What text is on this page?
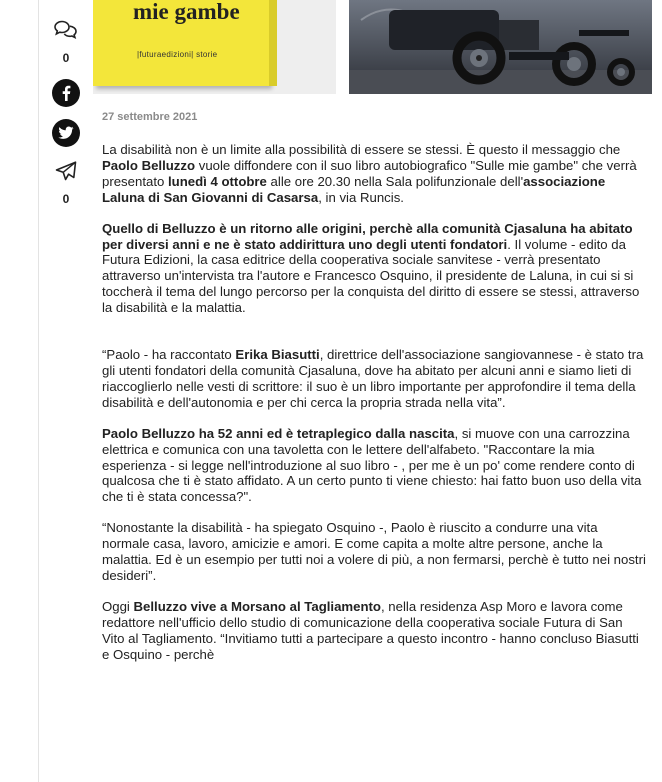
0
0
mie gambe
|futuraedizioni| storie
27 settembre 2021

La disabilità non è un limite alla possibilità di essere se stessi. È questo il messaggio che Paolo Belluzzo vuole diffondere con il suo libro autobiografico "Sulle mie gambe" che verrà presentato lunedì 4 ottobre alle ore 20.30 nella Sala polifunzionale dell'associazione Laluna di San Giovanni di Casarsa, in via Runcis.

Quello di Belluzzo è un ritorno alle origini, perchè alla comunità Cjasaluna ha abitato per diversi anni e ne è stato addirittura uno degli utenti fondatori. Il volume - edito da Futura Edizioni, la casa editrice della cooperativa sociale sanvitese - verrà presentato attraverso un'intervista tra l'autore e Francesco Osquino, il presidente de Laluna, in cui si si toccherà il tema del lungo percorso per la conquista del diritto di essere se stessi, attraverso la disabilità e la malattia.

“Paolo - ha raccontato Erika Biasutti, direttrice dell'associazione sangiovannese - è stato tra gli utenti fondatori della comunità Cjasaluna, dove ha abitato per alcuni anni e siamo lieti di riaccoglierlo nelle vesti di scrittore: il suo è un libro importante per approfondire il tema della disabilità e dell'autonomia e per chi cerca la propria strada nella vita”.

Paolo Belluzzo ha 52 anni ed è tetraplegico dalla nascita, si muove con una carrozzina elettrica e comunica con una tavoletta con le lettere dell'alfabeto. "Raccontare la mia esperienza - si legge nell'introduzione al suo libro - , per me è un po' come rendere conto di qualcosa che ti è stato affidato. A un certo punto ti viene chiesto: hai fatto buon uso della vita che ti è stata concessa?".

“Nonostante la disabilità - ha spiegato Osquino -, Paolo è riuscito a condurre una vita normale casa, lavoro, amicizie e amori. E come capita a molte altre persone, anche la malattia. Ed è un esempio per tutti noi a volere di più, a non fermarsi, perchè è tutto nei nostri desideri”.

Oggi Belluzzo vive a Morsano al Tagliamento, nella residenza Asp Moro e lavora come redattore nell'ufficio dello studio di comunicazione della cooperativa sociale Futura di San Vito al Tagliamento. “Invitiamo tutti a partecipare a questo incontro - hanno concluso Biasutti e Osquino - perchè
